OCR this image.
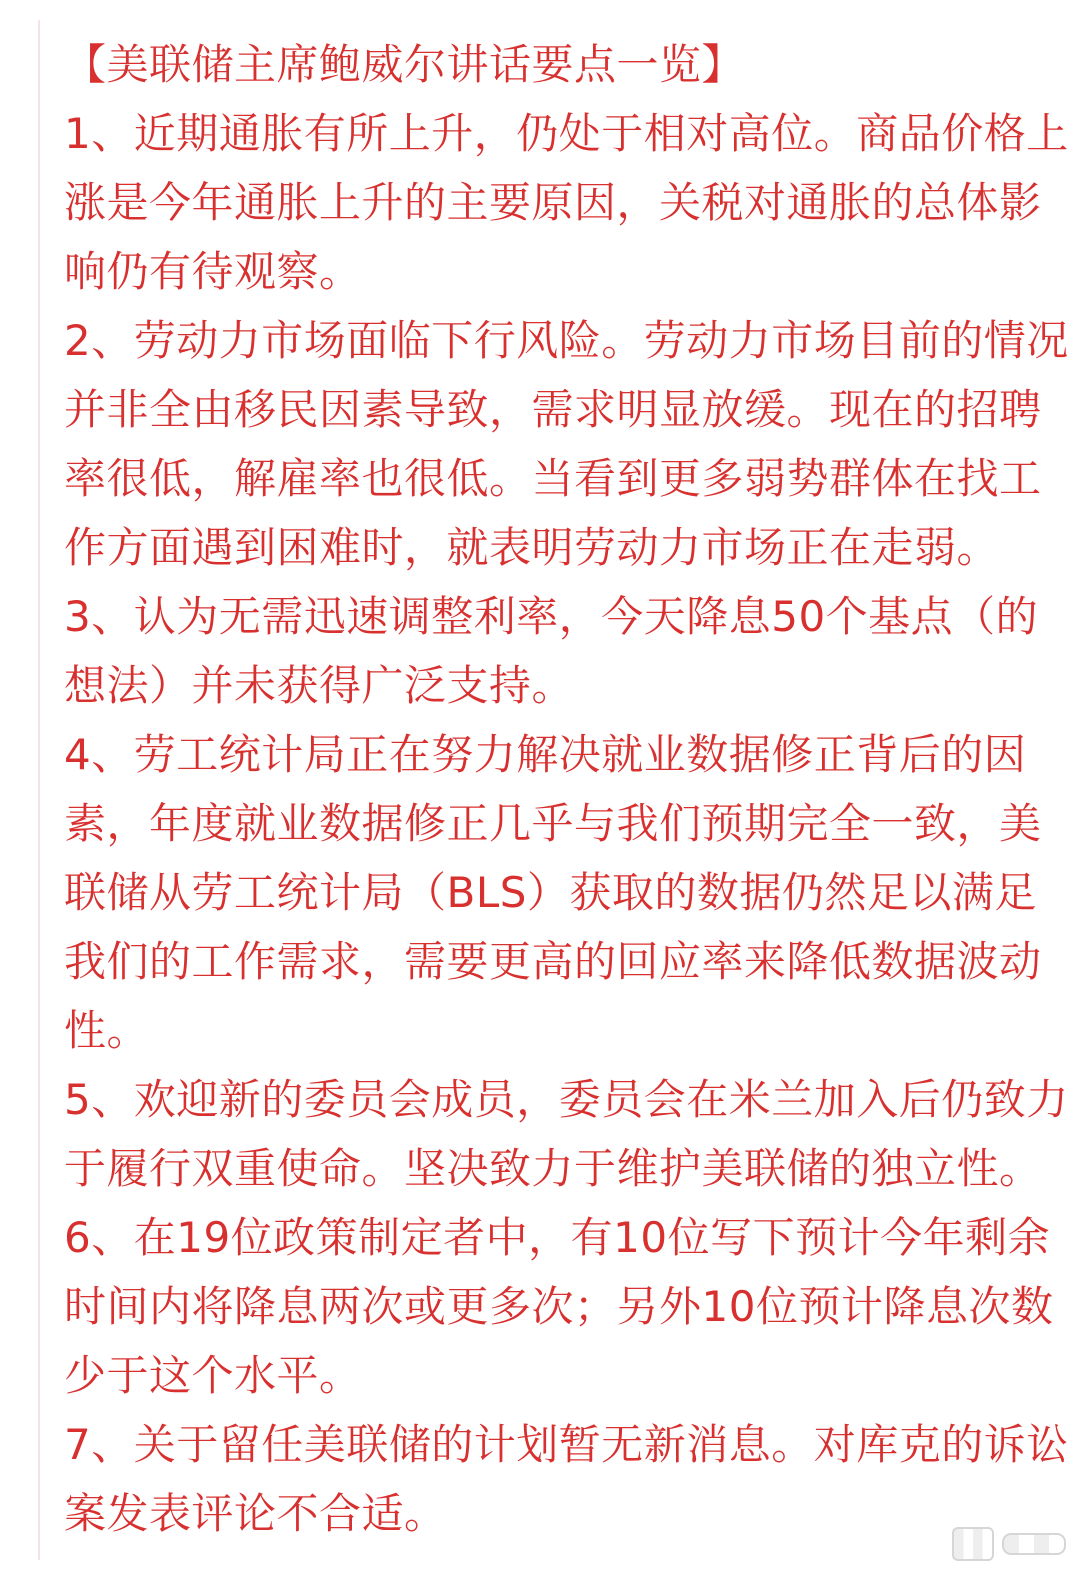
【美联储主席鲍威尔讲话要点一览】
1、近期通胀有所上升，仍处于相对高位。商品价格上
涨是今年通胀上升的主要原因，关税对通胀的总体影
响仍有待观察。
2、劳动力市场面临下行风险。劳动力市场目前的情况
并非全由移民因素导致，需求明显放缓。现在的招聘
率很低，解雇率也很低。当看到更多弱势群体在找工
作方面遇到困难时，就表明劳动力市场正在走弱。
3、认为无需迅速调整利率，今天降息50个基点（的
想法）并未获得广泛支持。
4、劳工统计局正在努力解决就业数据修正背后的因
素，年度就业数据修正几乎与我们预期完全一致，美
联储从劳工统计局（BLS）获取的数据仍然足以满足
我们的工作需求，需要更高的回应率来降低数据波动
性。
5、欢迎新的委员会成员，委员会在米兰加入后仍致力
于履行双重使命。坚决致力于维护美联储的独立性。
6、在19位政策制定者中，有10位写下预计今年剩余
时间内将降息两次或更多次；另外10位预计降息次数
少于这个水平。
7、关于留任美联储的计划暂无新消息。对库克的诉讼
案发表评论不合适。
